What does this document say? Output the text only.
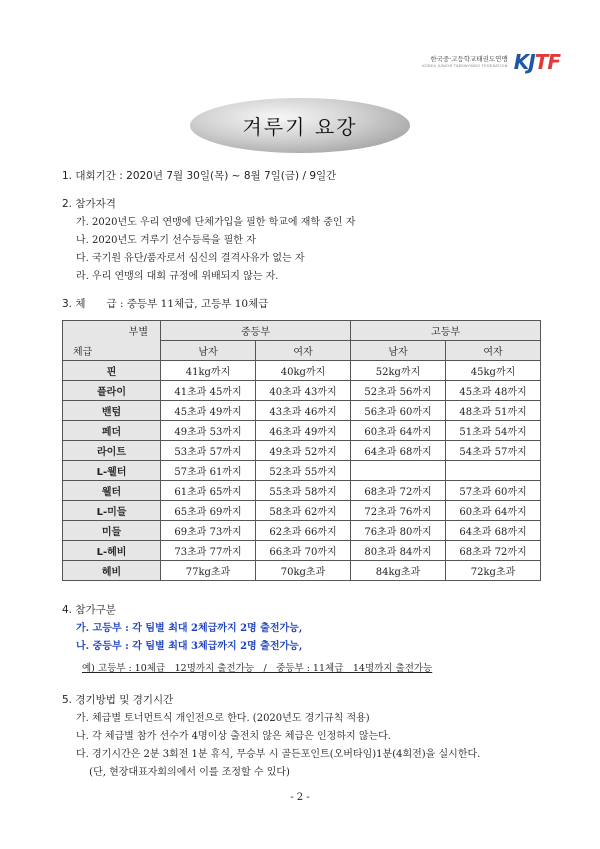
한국중·고등학교태권도연맹
KOREA JUNIOR TAEKWONDO FEDERATION KJTF
겨루기 요강
1. 대회기간 : 2020년 7월 30일(목) ~ 8월 7일(금) / 9일간
2. 참가자격
가. 2020년도 우리 연맹에 단체가입을 필한 학교에 재학 중인 자
나. 2020년도 겨루기 선수등록을 필한 자
다. 국기원 유단/품자로서 심신의 결격사유가 없는 자
라. 우리 연맹의 대회 규정에 위배되지 않는 자.
3. 체　　급 : 중등부 11체급, 고등부 10체급
부별
체급	중등부		고등부	
	남자	여자	남자	여자
핀	41kg까지	40kg까지	52kg까지	45kg까지
플라이	41초과 45까지	40초과 43까지	52초과 56까지	45초과 48까지
밴텀	45초과 49까지	43초과 46까지	56초과 60까지	48초과 51까지
페더	49초과 53까지	46초과 49까지	60초과 64까지	51초과 54까지
라이트	53초과 57까지	49초과 52까지	64초과 68까지	54초과 57까지
L-웰터	57초과 61까지	52초과 55까지		
웰터	61초과 65까지	55초과 58까지	68초과 72까지	57초과 60까지
L-미들	65초과 69까지	58초과 62까지	72초과 76까지	60초과 64까지
미들	69초과 73까지	62초과 66까지	76초과 80까지	64초과 68까지
L-헤비	73초과 77까지	66초과 70까지	80초과 84까지	68초과 72까지
헤비	77kg초과	70kg초과	84kg초과	72kg초과
4. 참가구분
가. 고등부 : 각 팀별 최대 2체급까지 2명 출전가능,
나. 중등부 : 각 팀별 최대 3체급까지 2명 출전가능,
예) 고등부 : 10체급　12명까지 출전가능　/　중등부 : 11체급　14명까지 출전가능
5. 경기방법 및 경기시간
가. 체급별 토너먼트식 개인전으로 한다. (2020년도 경기규칙 적용)
나. 각 체급별 참가 선수가 4명이상 출전치 않은 체급은 인정하지 않는다.
다. 경기시간은 2분 3회전 1분 휴식, 무승부 시 골든포인트(오버타임)1분(4회전)을 실시한다.
　 (단, 현장대표자회의에서 이를 조정할 수 있다)
- 2 -
